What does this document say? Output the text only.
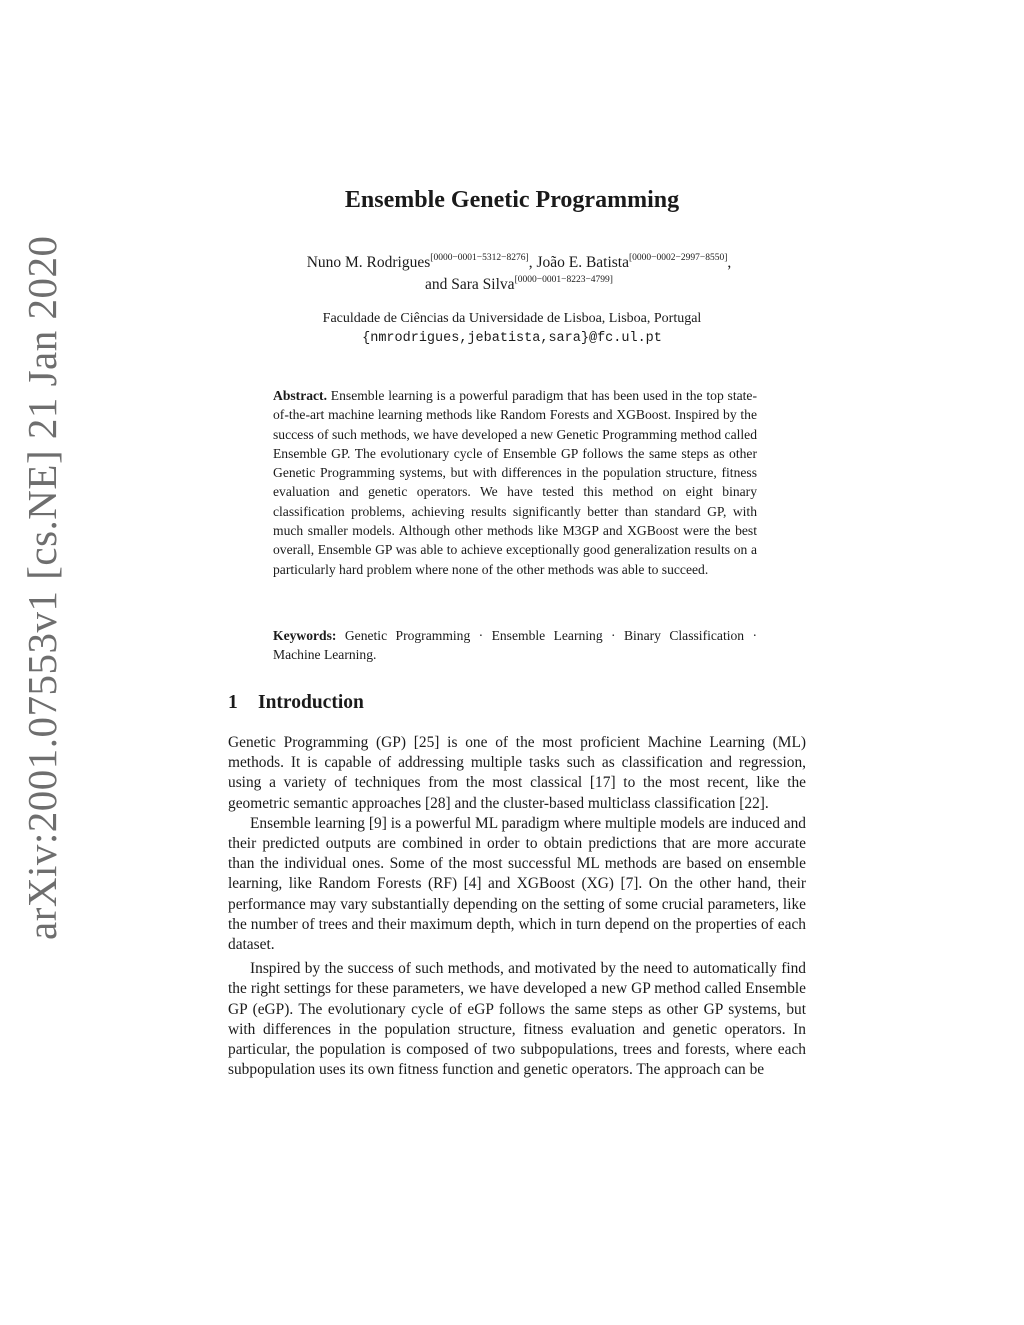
arXiv:2001.07553v1 [cs.NE] 21 Jan 2020
Ensemble Genetic Programming
Nuno M. Rodrigues[0000−0001−5312−8276], João E. Batista[0000−0002−2997−8550],
and Sara Silva[0000−0001−8223−4799]
Faculdade de Ciências da Universidade de Lisboa, Lisboa, Portugal
{nmrodrigues,jebatista,sara}@fc.ul.pt
Abstract. Ensemble learning is a powerful paradigm that has been used in the top state-of-the-art machine learning methods like Random Forests and XGBoost. Inspired by the success of such methods, we have developed a new Genetic Programming method called Ensemble GP. The evolutionary cycle of Ensemble GP follows the same steps as other Genetic Programming systems, but with differences in the population structure, fitness evaluation and genetic operators. We have tested this method on eight binary classification problems, achieving results significantly better than standard GP, with much smaller models. Although other methods like M3GP and XGBoost were the best overall, Ensemble GP was able to achieve exceptionally good generalization results on a particularly hard problem where none of the other methods was able to succeed.
Keywords: Genetic Programming · Ensemble Learning · Binary Classification · Machine Learning.
1 Introduction

Genetic Programming (GP) [25] is one of the most proficient Machine Learning (ML) methods. It is capable of addressing multiple tasks such as classification and regression, using a variety of techniques from the most classical [17] to the most recent, like the geometric semantic approaches [28] and the cluster-based multiclass classification [22].

Ensemble learning [9] is a powerful ML paradigm where multiple models are induced and their predicted outputs are combined in order to obtain predictions that are more accurate than the individual ones. Some of the most successful ML methods are based on ensemble learning, like Random Forests (RF) [4] and XGBoost (XG) [7]. On the other hand, their performance may vary substantially depending on the setting of some crucial parameters, like the number of trees and their maximum depth, which in turn depend on the properties of each dataset.

Inspired by the success of such methods, and motivated by the need to automatically find the right settings for these parameters, we have developed a new GP method called Ensemble GP (eGP). The evolutionary cycle of eGP follows the same steps as other GP systems, but with differences in the population structure, fitness evaluation and genetic operators. In particular, the population is composed of two subpopulations, trees and forests, where each subpopulation uses its own fitness function and genetic operators. The approach can be
